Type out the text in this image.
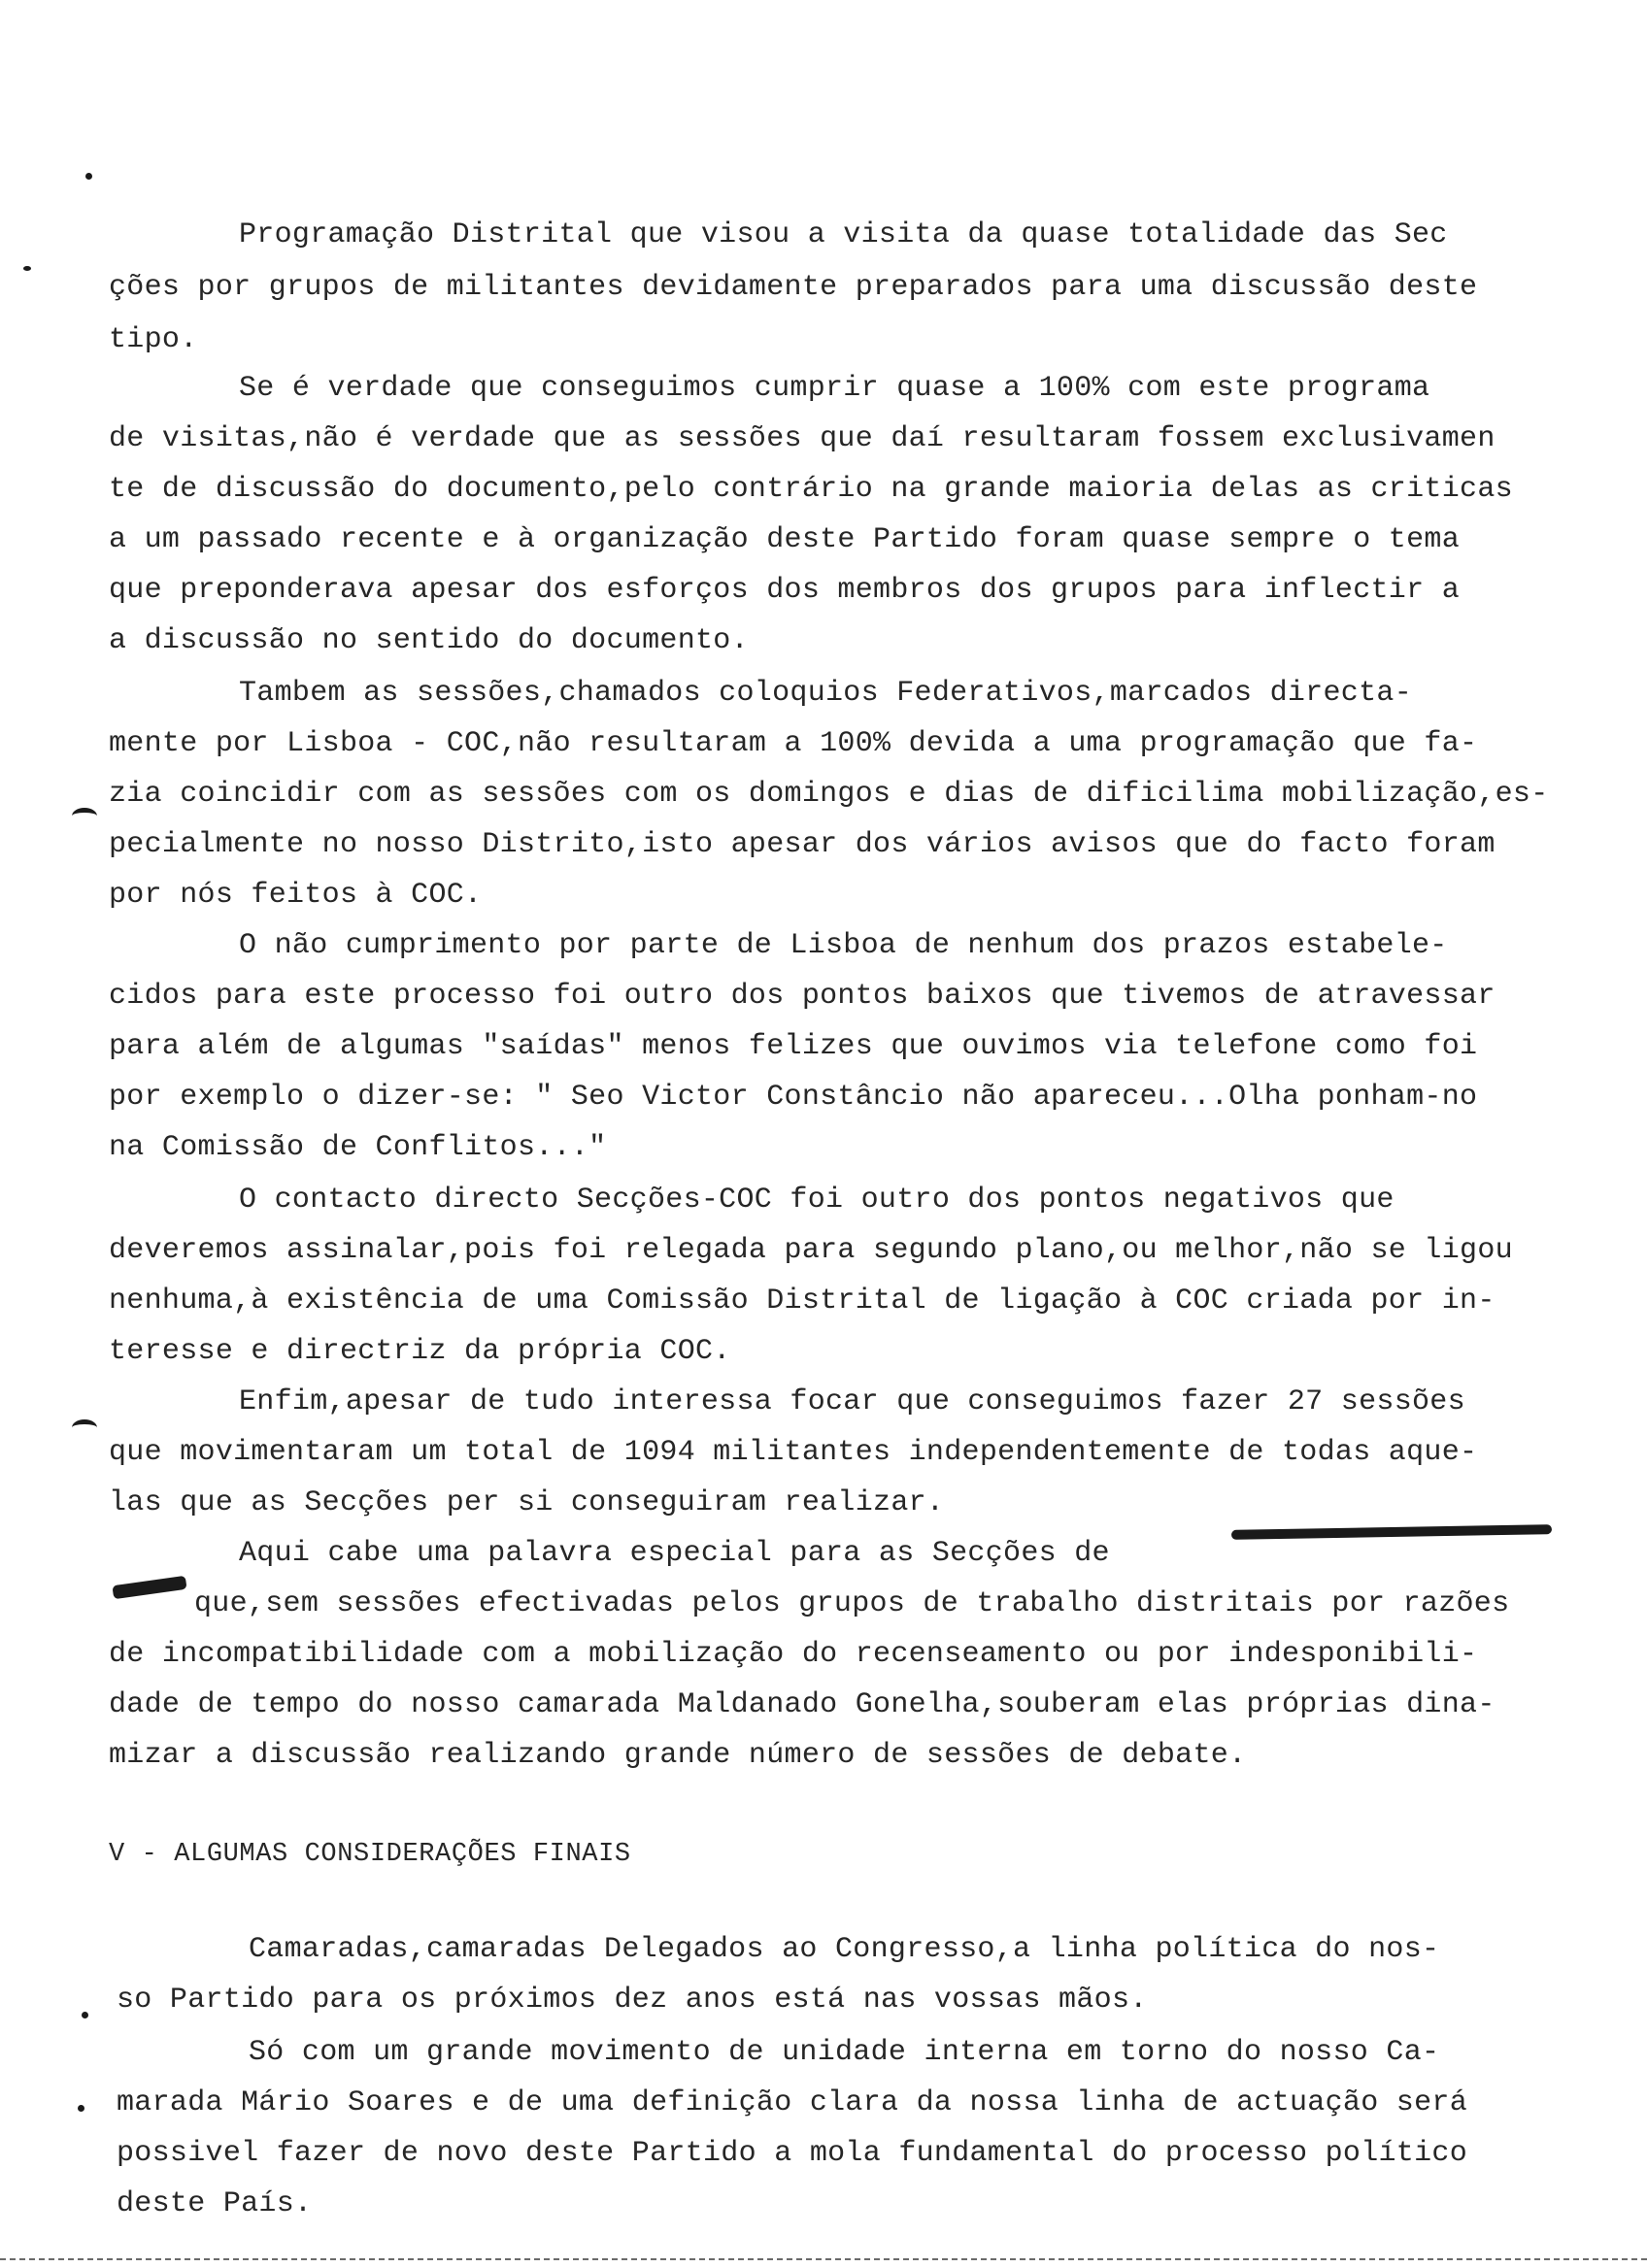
Programação Distrital que visou a visita da quase totalidade das Sec
ções por grupos de militantes devidamente preparados para uma discussão deste
tipo.
Se é verdade que conseguimos cumprir quase a 100% com este programa
de visitas,não é verdade que as sessões que daí resultaram fossem exclusivamen
te de discussão do documento,pelo contrário na grande maioria delas as criticas
a um passado recente e à organização deste Partido foram quase sempre o tema
que preponderava apesar dos esforços dos membros dos grupos para inflectir a
a discussão no sentido do documento.
Tambem as sessões,chamados coloquios Federativos,marcados directa-
mente por Lisboa - COC,não resultaram a 100% devida a uma programação que fa-
zia coincidir com as sessões com os domingos e dias de dificilima mobilização,es-
pecialmente no nosso Distrito,isto apesar dos vários avisos que do facto foram
por nós feitos à COC.
O não cumprimento por parte de Lisboa de nenhum dos prazos estabele-
cidos para este processo foi outro dos pontos baixos que tivemos de atravessar
para além de algumas "saídas" menos felizes que ouvimos via telefone como foi
por exemplo o dizer-se: " Seo Victor Constâncio não apareceu...Olha ponham-no
na Comissão de Conflitos..."
O contacto directo Secções-COC foi outro dos pontos negativos que
deveremos assinalar,pois foi relegada para segundo plano,ou melhor,não se ligou
nenhuma,à existência de uma Comissão Distrital de ligação à COC criada por in-
teresse e directriz da própria COC.
Enfim,apesar de tudo interessa focar que conseguimos fazer 27 sessões
que movimentaram um total de 1094 militantes independentemente de todas aque-
las que as Secções per si conseguiram realizar.
Aqui cabe uma palavra especial para as Secções de
que,sem sessões efectivadas pelos grupos de trabalho distritais por razões
de incompatibilidade com a mobilização do recenseamento ou por indesponibili-
dade de tempo do nosso camarada Maldanado Gonelha,souberam elas próprias dina-
mizar a discussão realizando grande número de sessões de debate.
V - ALGUMAS CONSIDERAÇÕES FINAIS
Camaradas,camaradas Delegados ao Congresso,a linha política do nos-
so Partido para os próximos dez anos está nas vossas mãos.
Só com um grande movimento de unidade interna em torno do nosso Ca-
marada Mário Soares e de uma definição clara da nossa linha de actuação será
possivel fazer de novo deste Partido a mola fundamental do processo político
deste País.
